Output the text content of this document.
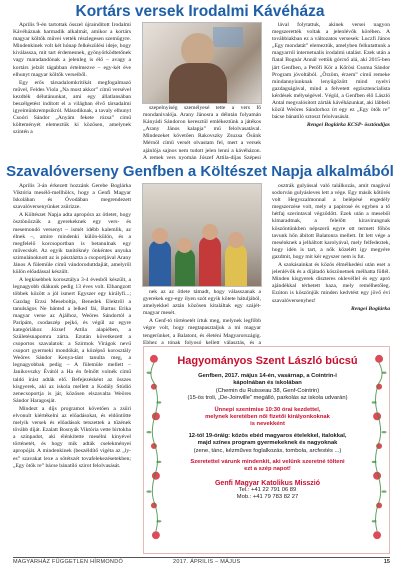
Kortárs versek Irodalmi Kávéháza

Április 9-én tartottak összel újraindított Irodalmi Kávéháznak harmadik alkalmát, amikor a kortárs magyar költők művei vették részlegesen szemügyre. Mindenkinek volt két hónap felkészülési ideje, hogy kiválassza, mit tart érdemesnek, gyönyörködtetőnek vagy maradandónak a jelenleg is élő – avagy a kortárs jelzőt tágabban értelmezve – egy-két éve elhunyt magyar költők verseiből.

Egy erős társadalomkritikát megfogalmazó művel, Feldes Viola „Na most akkor” című versével kezdték délutánunkat, ami egy állatlansában beszélgetést indított el a világban élvő társadalmi igyeimünkrempsíkról. Másodiknak, a tavaly elhunyt Csoóri Sándor „Anyám fekete rózsa” című költeményét elemeztük ki közösen, amelynek szintén a

szepelnyiség személyesé tette a vers fő mondanivalója. Arany Jánosra a délután folyamán Kányádi Sándoron keresztül emlékeztünk a játékos „Arany János kalapja” mű felolvasatával. Mindezeket követően Rakovszky Zsuzsa Ősünk Mérnöl című versét olvastam fel, mert a versek ajánlója sajnos nem tudott jelen lenni a kávéházon. A remek vers nyomán Jószef Attila-díjas Szépesi

lával folytattuk, akinek versei nagyon megszerették voltak a jelenlévők körében. A továbbiakban ez a változatos versesek: Luczfi János „Egy mondatát” elemeztük, amelyben felkutattunk a magyarról internetualis irodalmi utalást. Ezek után a fiatal Bognár Annál vettük górcső alá, aki 2015-ben járt Genfben, a Petőfi Kör a Kőrösi Csoma Sándor Program jóvoltából. „Örzöm, érzem” című remeke mindannyiunknak lenyűgözött mind nyelvi gazdagságával, mind a felvetett egzisztencialista kérdések mélységével. Végül, a Genfben élő László Antal megvalósított zárták kávéházunkat, aki lábbeli közül Weöres Sándorhoz írt egy ez „Egy ötök re” bácse bánatíló sztoszt felolvasását.

Rengei Boglárka KCSP- ösztöndíjas

Szavalóverseny Genfben a Költészet Napja alkalmából

Április 3-án érkezett hozzánk Gerebe Boglárka Viktória mesélő-mellhölcs, hogy a Genfi Magyar Iskolában és Óvodában megrendezett szavalóversenyünket zsűrizze.

A Költészet Napja adta apropóra az ötletet, hogy ösztönözzük a gyerekeknek egy vers- és mesemondó versenyt – ismét idébb kalemlik, az élnek –, amire mindenki külön-külön, és a megfelelő korcsoportban is betanulnak egy művecskét. Az egyik tanítóknéy önkéntes anyuka szimulánoknott az is pásztáztta a csoportjával Arany János A fülemüle című vándoroduttdajiát, amelyről külön előadással készült.

A legkisebbek korosztálya 3-4 évesből készült, a legnagyobb diákunk pedig 13 éves volt. Elhangzott többek között a jól ismert Egyszer egy királyfi...; Gazdag Erzsi Meseboltja, Benedek Elektről a tanulságos Ne bántsd a lelked fái, Bartus Erika magyar verse az Ajálhoz, Weöres Sándortól a Paripám, csodaszép pejkó, és végül az egyre kategóriához József Attila alapiében, a Születésnapomra zárta. Ezután következett a csoportos szavalatok: a Szirmok Virágok nevű csoport gyermeki mondókát, a középső korosztály Weöres Sándor Kenya-tánt tanulta meg, a legnagyobbak pedig – A fülemüle mellett – Janikovszky Évától a Ha én felnőtt volnék című taldó írást adták elő. Befejezésként az összes kisgyerek, aki az iskola mellett a Kodály Stúdió zenecsoportja is jár, közösen elszavalta Weöres Sándor Haragosját.

Mindezt a díjs programot követően a zsűri elvonult kiértékelni az előadásokat, és eldöntötte melyik versek és előadások tetszettek a tűzének tövább díját. Ezalatt Bosnyák Viktória vette birtokba a színpadot, aki élénkítette mesélni kinyével történetét, és hogy mik adták cselekményei apropóját. A mindenkinek (beszéldítő vigéta az „ly-es” szavakat lexe a sötétszét tovafelekezésetekben; „Egy ötök re” bácse bánatíló szirot felolvasását.

nek az az ötlete támadt, hogy válasszanak a gyerekek egy-egy ilyen szót egyik kötete hátuljából, amelyekkel aztán közösen kitaláltak egy szájét-magyar mesét.

A Genf-tó történetét írtuk meg, melynek legfőbb végre volt, hogy megtapasztaljuk a mi magyar tengerünket, a Balatont, és életéni Magyarországig. Ebhez a tónak folyosó kellett választás, és a

osztrák gulyással való találkozás, amit magával sodorván gulyásleves lett a vége. Egy másik kőtörés volt Hegyszalmonnal a belépésé engedély megszerzése volt, mely a papirosé és egyben a tő hétfaj szerintaval végződött. Ezek után a meseből kimaradtnak, a felelőtt kiravirangnak köszöntünkben népszerű egyre ott termett főhös tavunk hőn ábított Balatonra mellett. Itt lett vége a mesénknek a jelháltott karolyával, mely felfedeztek, hogy idén is tart, a nők közelétt így megyére gazdmit, hogy mit kér egyszer nem is fut.

A szokásainkat és közös élmélkedési után eset a jelenlévők és a díjátadó köszönetnek mélhatta föllél. Minden kisgyerek diszteres oklevéllel és egy apró ajándékkal térhetett haza, mely remélhetőleg. Ezúton is köszönjük minden kedvtést egy jövő évi szavalóversenyhez!

Rengei Boglárka

Hagyományos Szent László búcsú
Genfben, 2017. május 14-én, vasárnap, a Cointrin-i
kápolnában és iskolában
(Chemin du Ruisseau 38, Genf-Cointrin)
(15-ös troli, „De-Joinville” megálló, parkolás az iskola udvarán)
Ünnepi szentmise 10:30 órai kezdettel,
melynek keretében női fizetői királyonkoknak
is nevekként
12-tól 19-óráig: közös ebéd magyaros ételekkel, italokkal,
majd színes program gyermekeknek és nagyoknak
(zene, tánc, kézműves foglalkozás, tombola, arcfestés ...)
Szeretettel várunk mindenkit, aki velünk szeretné tölteni
ezt a szép napot!
Genfi Magyar Katolikus Misszió
Tel.: +41 22 791 06 89
Mob.: +41 79 783 82 27
MAGYARHÁZ FÜGGETLEN HÍRMONDÓ	2017. ÁPRILIS – MÁJUS	15
